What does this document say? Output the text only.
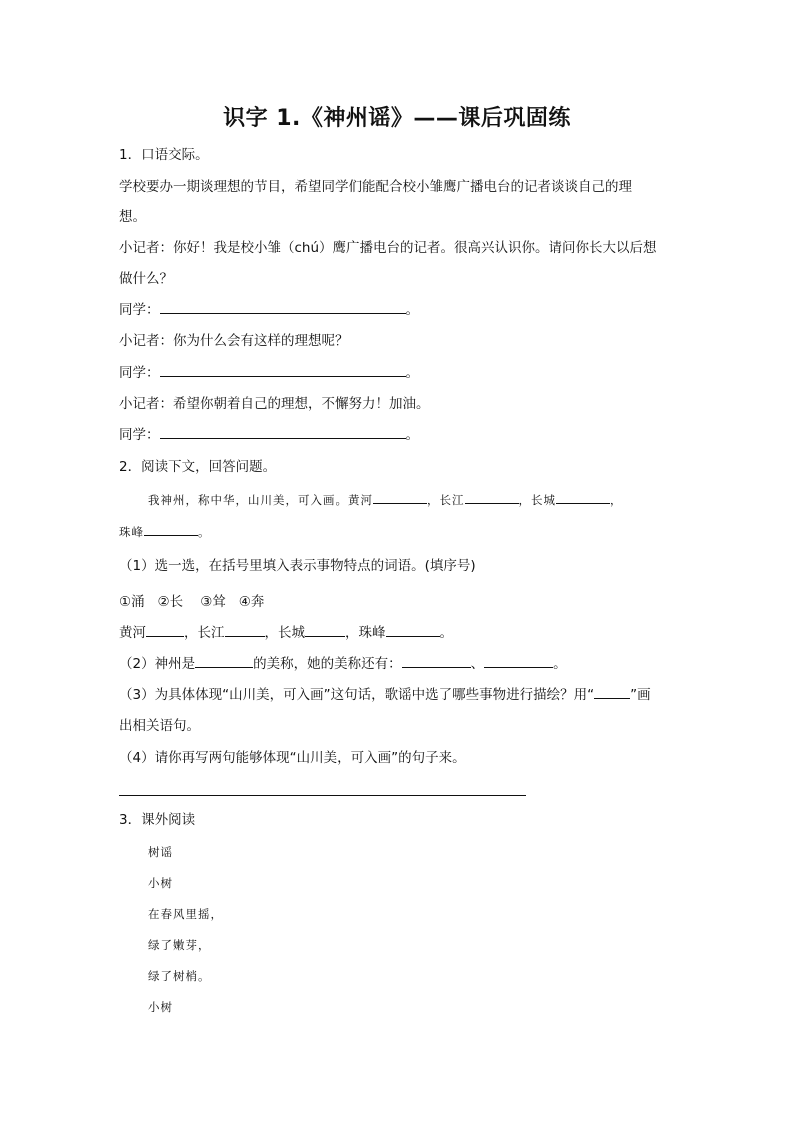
识字 1.《神州谣》——课后巩固练
1．口语交际。
学校要办一期谈理想的节目，希望同学们能配合校小雏鹰广播电台的记者谈谈自己的理
想。
小记者：你好！我是校小雏（chú）鹰广播电台的记者。很高兴认识你。请问你长大以后想
做什么？
同学：	。
小记者：你为什么会有这样的理想呢？
同学：	。
小记者：希望你朝着自己的理想，不懈努力！加油。
同学：	。
2．阅读下文，回答问题。
我神州，称中华，山川美，可入画。黄河	，长江	，长城	，
珠峰	。
（1）选一选，在括号里填入表示事物特点的词语。(填序号)
①涌   ②长    ③耸   ④奔
黄河	，长江	，长城	，珠峰	。
（2）神州是	的美称，她的美称还有：	、	。
（3）为具体体现“山川美，可入画”这句话，歌谣中选了哪些事物进行描绘？用“	”画
出相关语句。
（4）请你再写两句能够体现“山川美，可入画”的句子来。
3．课外阅读
树谣
小树
在春风里摇，
绿了嫩芽，
绿了树梢。
小树
